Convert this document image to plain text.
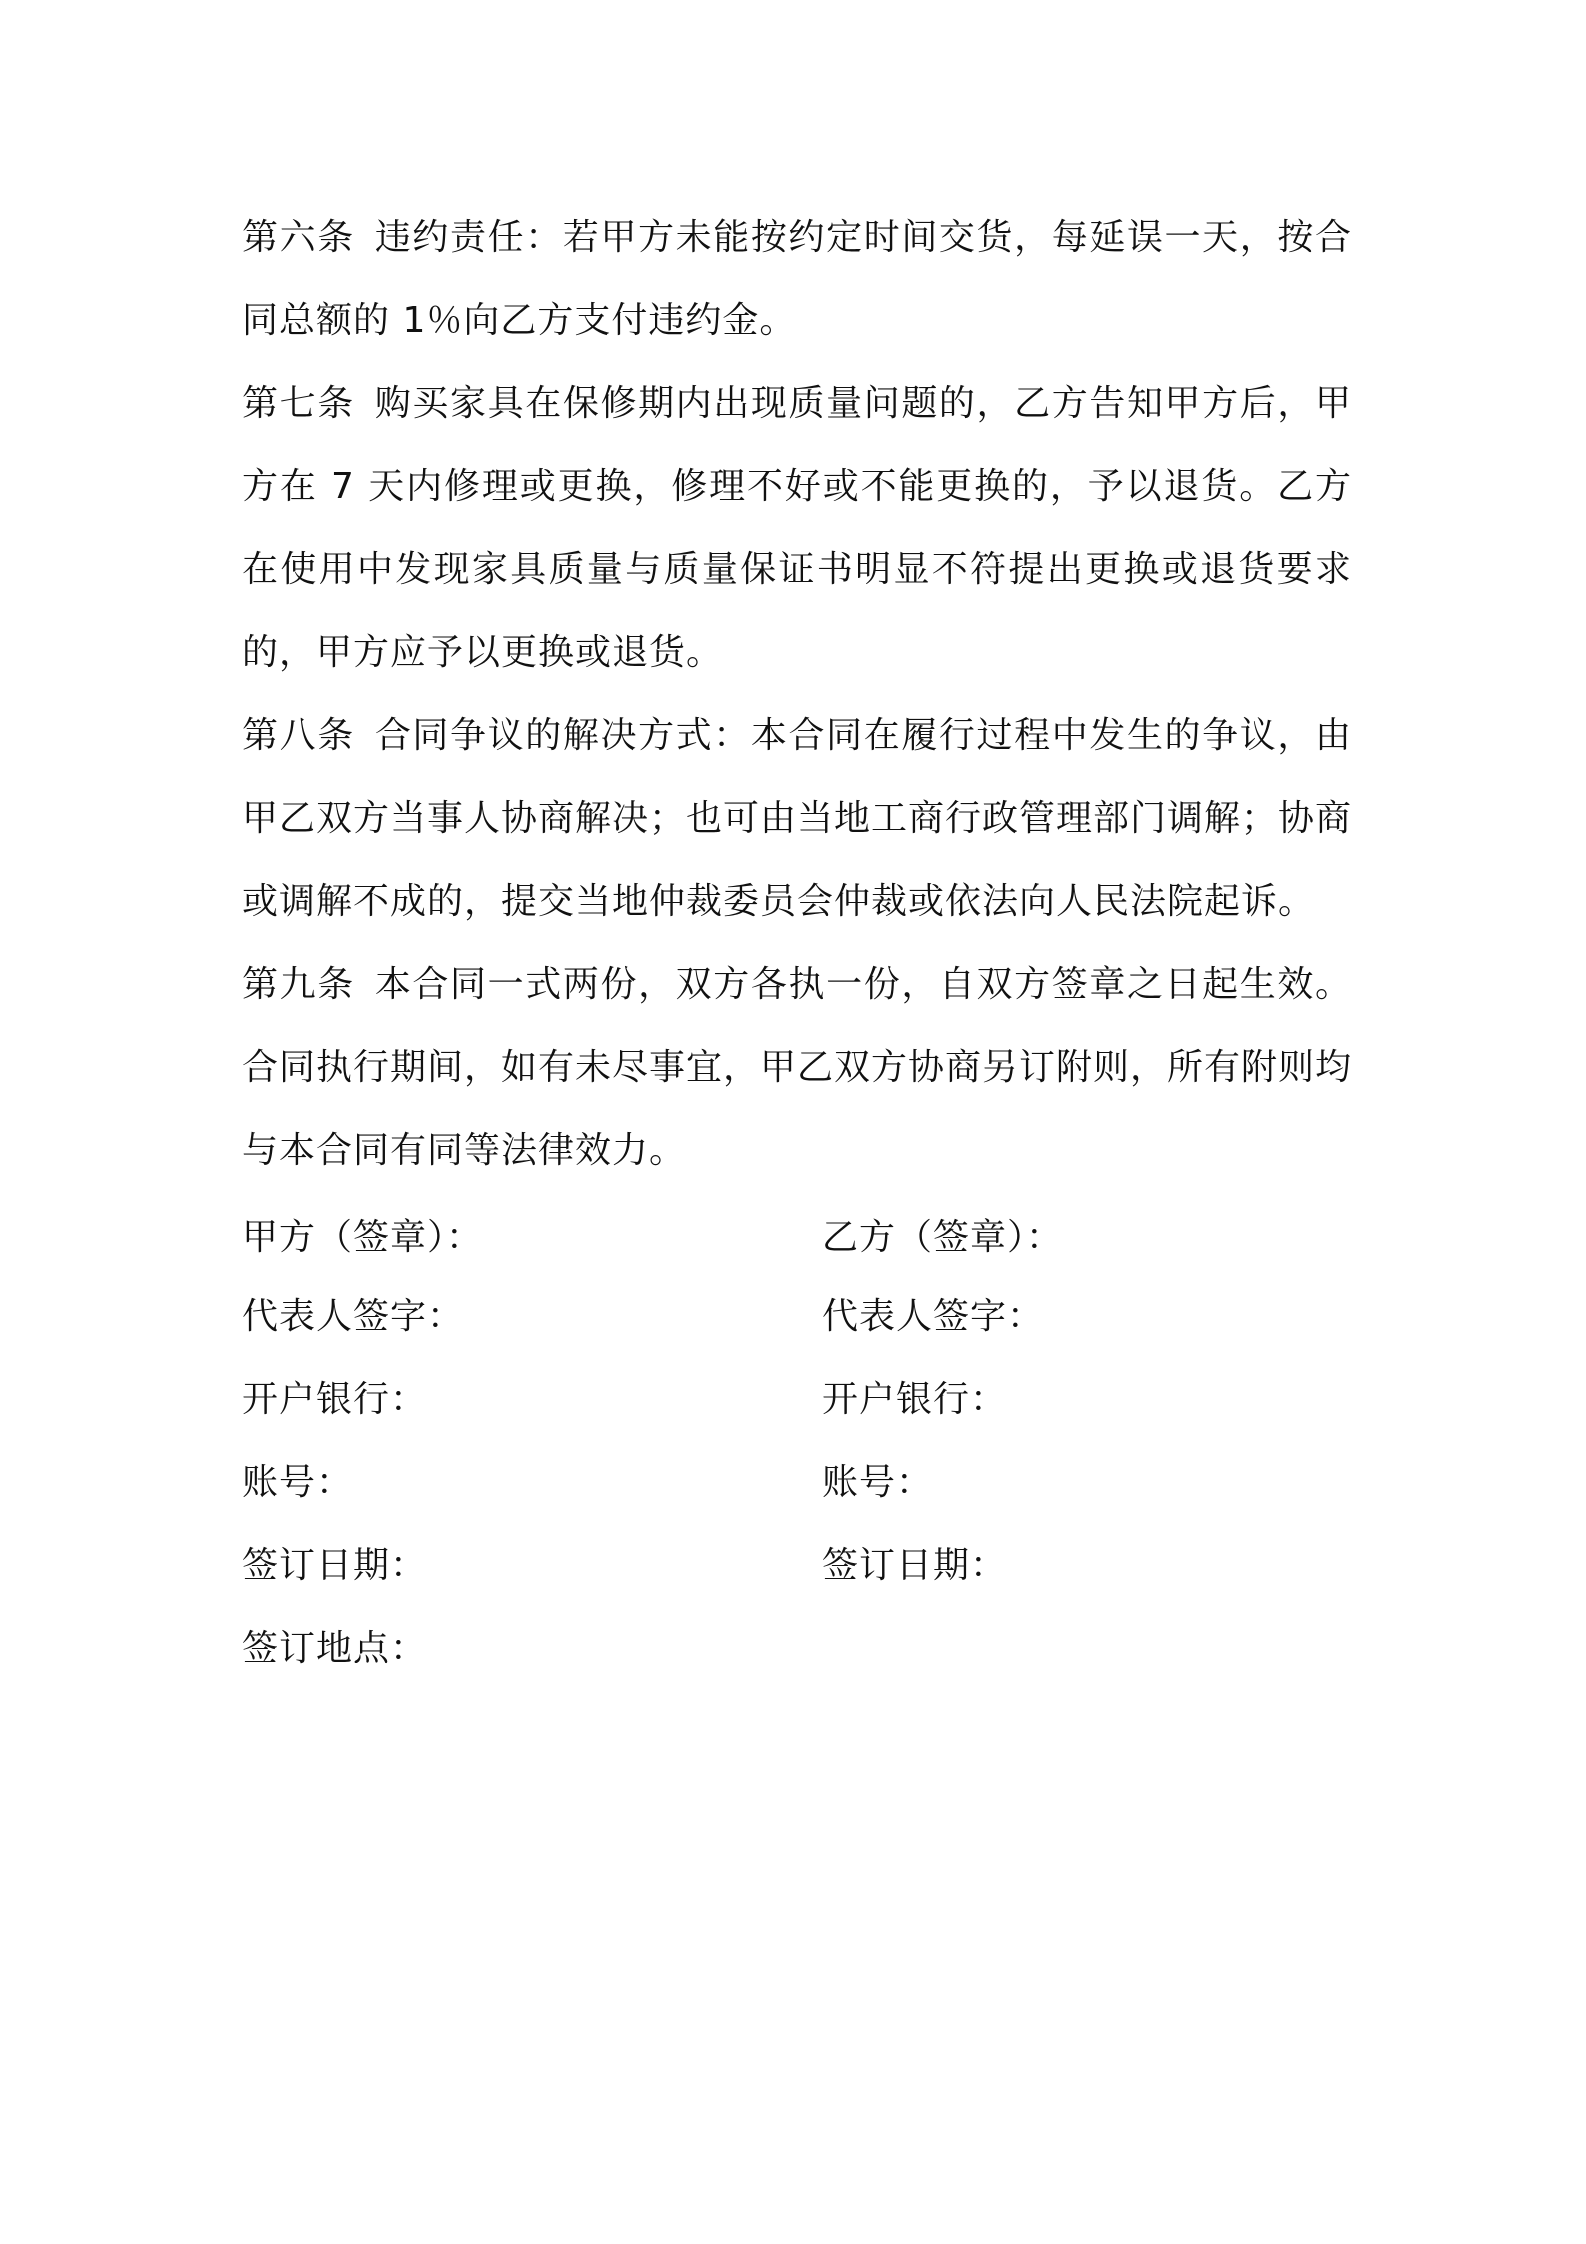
第六条 违约责任：若甲方未能按约定时间交货，每延误一天，按合同总额的 1％向乙方支付违约金。

第七条 购买家具在保修期内出现质量问题的，乙方告知甲方后，甲方在 7 天内修理或更换，修理不好或不能更换的，予以退货。乙方在使用中发现家具质量与质量保证书明显不符提出更换或退货要求的，甲方应予以更换或退货。

第八条 合同争议的解决方式：本合同在履行过程中发生的争议，由甲乙双方当事人协商解决；也可由当地工商行政管理部门调解；协商或调解不成的，提交当地仲裁委员会仲裁或依法向人民法院起诉。

第九条 本合同一式两份，双方各执一份，自双方签章之日起生效。合同执行期间，如有未尽事宜，甲乙双方协商另订附则，所有附则均与本合同有同等法律效力。

甲方（签章）：
代表人签字：
开户银行：
账号：
签订日期：
签订地点：
乙方（签章）：
代表人签字：
开户银行：
账号：
签订日期：
